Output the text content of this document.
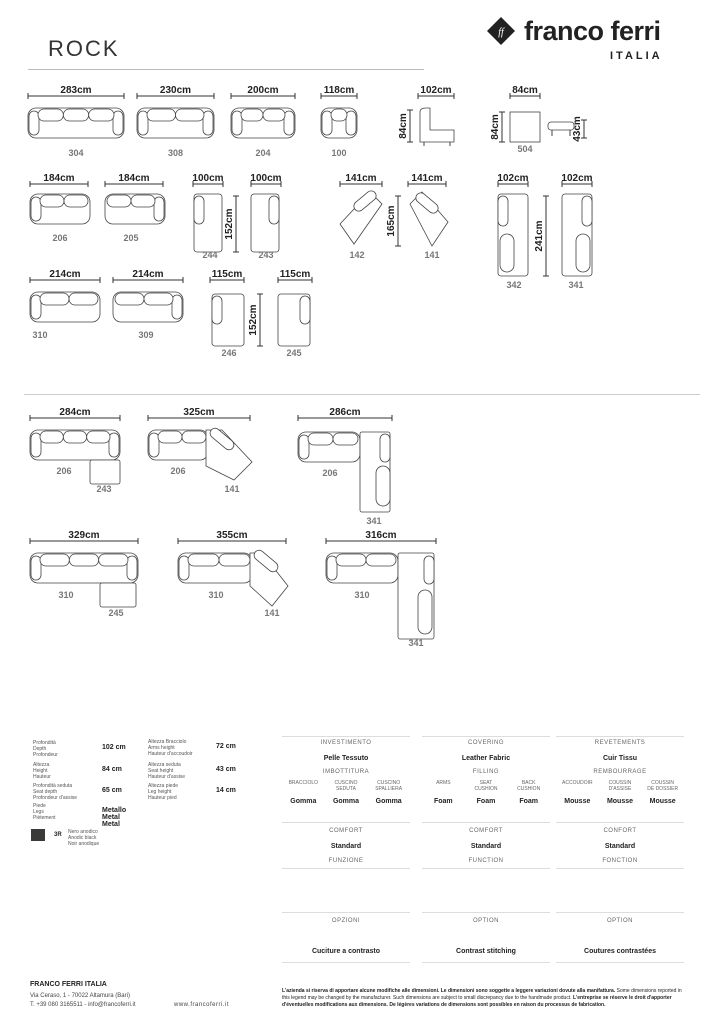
ROCK
ff franco ferri
ITALIA
283cm
304
230cm
308
200cm
204
118cm
100
102cm
84cm
84cm
84cm
504
43cm
184cm
206
184cm
205
100cm
244
152cm
100cm
243
141cm
142
165cm
141cm
141
102cm
342
241cm
102cm
341
214cm
310
214cm
309
115cm
246
152cm
115cm
245
284cm
206
243
325cm
206
141
286cm
206
341
329cm
310
245
355cm
310
141
316cm
310
341
Profondità
Depth
Profondeur
102 cm
Altezza
Height
Hauteur
84 cm
Profondità seduta
Seat depth
Profondeur d'assise
65 cm
Piede
Legs
Piètement
Metallo
Metal
Metal
Altezza Bracciolo
Arms height
Hauteur d'accoudoir
72 cm
Altezza seduta
Seat height
Hauteur d'assise
43 cm
Altezza piede
Leg height
Hauteur pied
14 cm
3R Nero anodico
Anodic black
Noir anodique
INVESTIMENTO
Pelle Tessuto
IMBOTTITURA
BRACCIOLO
Gomma
CUSCINO
SEDUTA
Gomma
CUSCINO
SPALLIERA
Gomma
COMFORT
Standard
FUNZIONE
OPZIONI
Cuciture a contrasto
COVERING
Leather Fabric
FILLING
ARMS
Foam
SEAT
CUSHION
Foam
BACK
CUSHION
Foam
COMFORT
Standard
FUNCTION
OPTION
Contrast stitching
REVETEMENTS
Cuir Tissu
REMBOURRAGE
ACCOUDOIR
Mousse
COUSSIN
D'ASSISE
Mousse
COUSSIN
DE DOSSIER
Mousse
CONFORT
Standard
FONCTION
OPTION
Coutures contrastées
FRANCO FERRI ITALIA
Via Ceraso, 1 - 70022 Altamura (Bari)
T. +39 080 3165511 - info@francoferri.it	www.francoferri.it
L'azienda si riserva di apportare alcune modifiche alle dimensioni. Le dimensioni sono soggette a leggere variazioni dovute alla manifattura. Some dimensions reported in this legend may be changed by the manufacturer. Such dimensions are subject to small discrepancy due to the handmade product. L'entreprise se réserve le droit d'apporter d'éventuelles modifications aux dimensions. De légères variations de dimensions sont possibles en raison du processus de fabrication.
